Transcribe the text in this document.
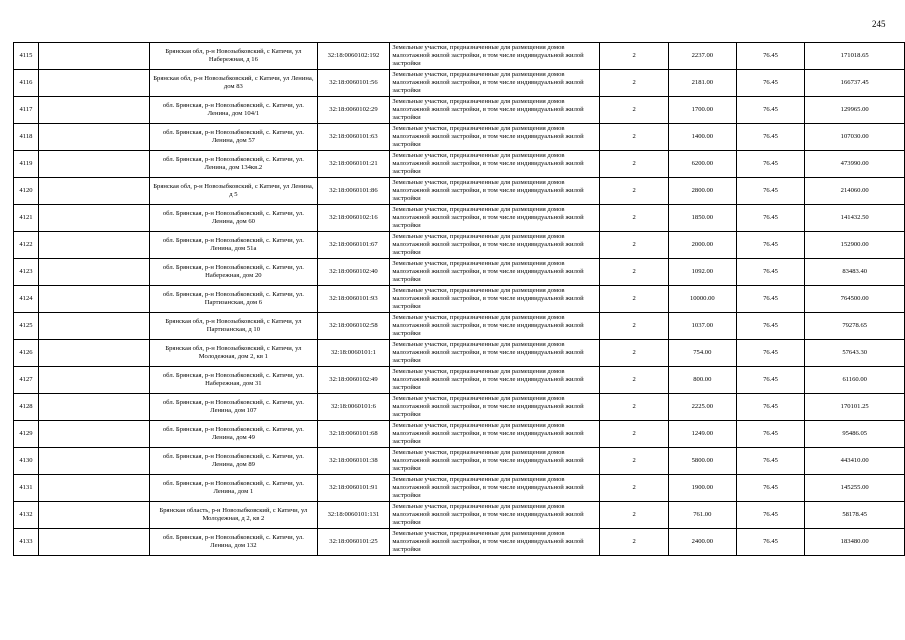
245
4115		Брянская обл, р-н Новозыбковский, с Катичи, ул Набережная, д 16	32:18:0060102:192	Земельные участки, предназначенные для размещения домов малоэтажной жилой застройки, в том числе индивидуальной жилой застройки	2	2237.00	76.45	171018.65
4116		Брянская обл, р-н Новозыбковский, с Катичи, ул Ленина, дом 83	32:18:0060101:56	Земельные участки, предназначенные для размещения домов малоэтажной жилой застройки, в том числе индивидуальной жилой застройки	2	2181.00	76.45	166737.45
4117		обл. Брянская, р-н Новозыбковский, с. Катичи, ул. Ленина, дом 104/1	32:18:0060102:29	Земельные участки, предназначенные для размещения домов малоэтажной жилой застройки, в том числе индивидуальной жилой застройки	2	1700.00	76.45	129965.00
4118		обл. Брянская, р-н Новозыбковский, с. Катичи, ул. Ленина, дом 57	32:18:0060101:63	Земельные участки, предназначенные для размещения домов малоэтажной жилой застройки, в том числе индивидуальной жилой застройки	2	1400.00	76.45	107030.00
4119		обл. Брянская, р-н Новозыбковский, с. Катичи, ул. Ленина, дом 134кв.2	32:18:0060101:21	Земельные участки, предназначенные для размещения домов малоэтажной жилой застройки, в том числе индивидуальной жилой застройки	2	6200.00	76.45	473990.00
4120		Брянская обл, р-н Новозыбковский, с Катичи, ул Ленина, д 5	32:18:0060101:86	Земельные участки, предназначенные для размещения домов малоэтажной жилой застройки, в том числе индивидуальной жилой застройки	2	2800.00	76.45	214060.00
4121		обл. Брянская, р-н Новозыбковский, с. Катичи, ул. Ленина, дом 60	32:18:0060102:16	Земельные участки, предназначенные для размещения домов малоэтажной жилой застройки, в том числе индивидуальной жилой застройки	2	1850.00	76.45	141432.50
4122		обл. Брянская, р-н Новозыбковский, с. Катичи, ул. Ленина, дом 51а	32:18:0060101:67	Земельные участки, предназначенные для размещения домов малоэтажной жилой застройки, в том числе индивидуальной жилой застройки	2	2000.00	76.45	152900.00
4123		обл. Брянская, р-н Новозыбковский, с. Катичи, ул. Набережная, дом 20	32:18:0060102:40	Земельные участки, предназначенные для размещения домов малоэтажной жилой застройки, в том числе индивидуальной жилой застройки	2	1092.00	76.45	83483.40
4124		обл. Брянская, р-н Новозыбковский, с. Катичи, ул. Партизанская, дом 6	32:18:0060101:93	Земельные участки, предназначенные для размещения домов малоэтажной жилой застройки, в том числе индивидуальной жилой застройки	2	10000.00	76.45	764500.00
4125		Брянская обл, р-н Новозыбковский, с Катичи, ул Партизанская, д 10	32:18:0060102:58	Земельные участки, предназначенные для размещения домов малоэтажной жилой застройки, в том числе индивидуальной жилой застройки	2	1037.00	76.45	79278.65
4126		Брянская обл, р-н Новозыбковский, с Катичи, ул Молодежная, дом 2, кв 1	32:18:0060101:1	Земельные участки, предназначенные для размещения домов малоэтажной жилой застройки, в том числе индивидуальной жилой застройки	2	754.00	76.45	57643.30
4127		обл. Брянская, р-н Новозыбковский, с. Катичи, ул. Набережная, дом 31	32:18:0060102:49	Земельные участки, предназначенные для размещения домов малоэтажной жилой застройки, в том числе индивидуальной жилой застройки	2	800.00	76.45	61160.00
4128		обл. Брянская, р-н Новозыбковский, с. Катичи, ул. Ленина, дом 107	32:18:0060101:6	Земельные участки, предназначенные для размещения домов малоэтажной жилой застройки, в том числе индивидуальной жилой застройки	2	2225.00	76.45	170101.25
4129		обл. Брянская, р-н Новозыбковский, с. Катичи, ул. Ленина, дом 49	32:18:0060101:68	Земельные участки, предназначенные для размещения домов малоэтажной жилой застройки, в том числе индивидуальной жилой застройки	2	1249.00	76.45	95486.05
4130		обл. Брянская, р-н Новозыбковский, с. Катичи, ул. Ленина, дом 89	32:18:0060101:38	Земельные участки, предназначенные для размещения домов малоэтажной жилой застройки, в том числе индивидуальной жилой застройки	2	5800.00	76.45	443410.00
4131		обл. Брянская, р-н Новозыбковский, с. Катичи, ул. Ленина, дом 1	32:18:0060101:91	Земельные участки, предназначенные для размещения домов малоэтажной жилой застройки, в том числе индивидуальной жилой застройки	2	1900.00	76.45	145255.00
4132		Брянская область, р-н Новозыбковский, с Катичи, ул Молодежная, д 2, кв 2	32:18:0060101:131	Земельные участки, предназначенные для размещения домов малоэтажной жилой застройки, в том числе индивидуальной жилой застройки	2	761.00	76.45	58178.45
4133		обл. Брянская, р-н Новозыбковский, с. Катичи, ул. Ленина, дом 132	32:18:0060101:25	Земельные участки, предназначенные для размещения домов малоэтажной жилой застройки, в том числе индивидуальной жилой застройки	2	2400.00	76.45	183480.00
